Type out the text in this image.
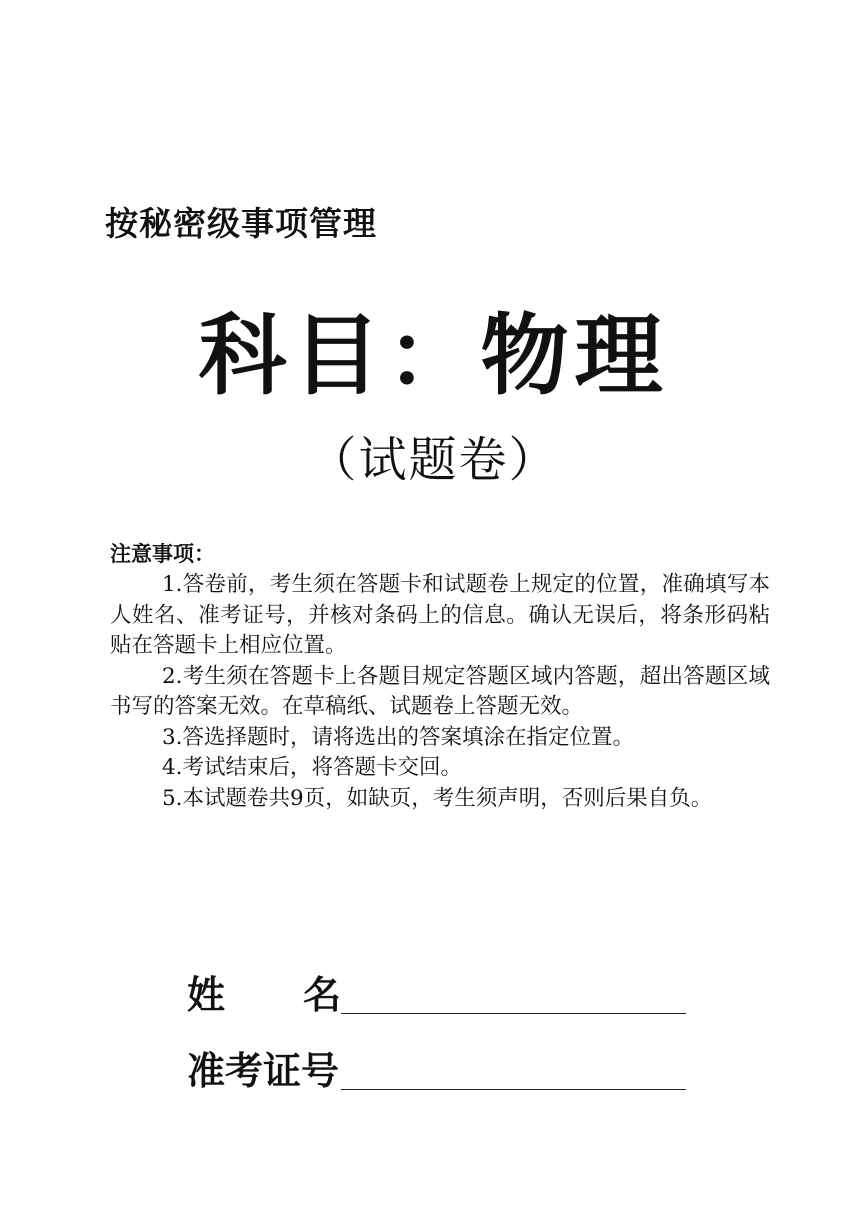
按秘密级事项管理
科目：物理
（试题卷）
注意事项：

1.答卷前，考生须在答题卡和试题卷上规定的位置，准确填写本人姓名、准考证号，并核对条码上的信息。确认无误后，将条形码粘贴在答题卡上相应位置。

2.考生须在答题卡上各题目规定答题区域内答题，超出答题区域书写的答案无效。在草稿纸、试题卷上答题无效。

3.答选择题时，请将选出的答案填涂在指定位置。

4.考试结束后，将答题卡交回。

5.本试题卷共9页，如缺页，考生须声明，否则后果自负。

姓 名
准考证号
